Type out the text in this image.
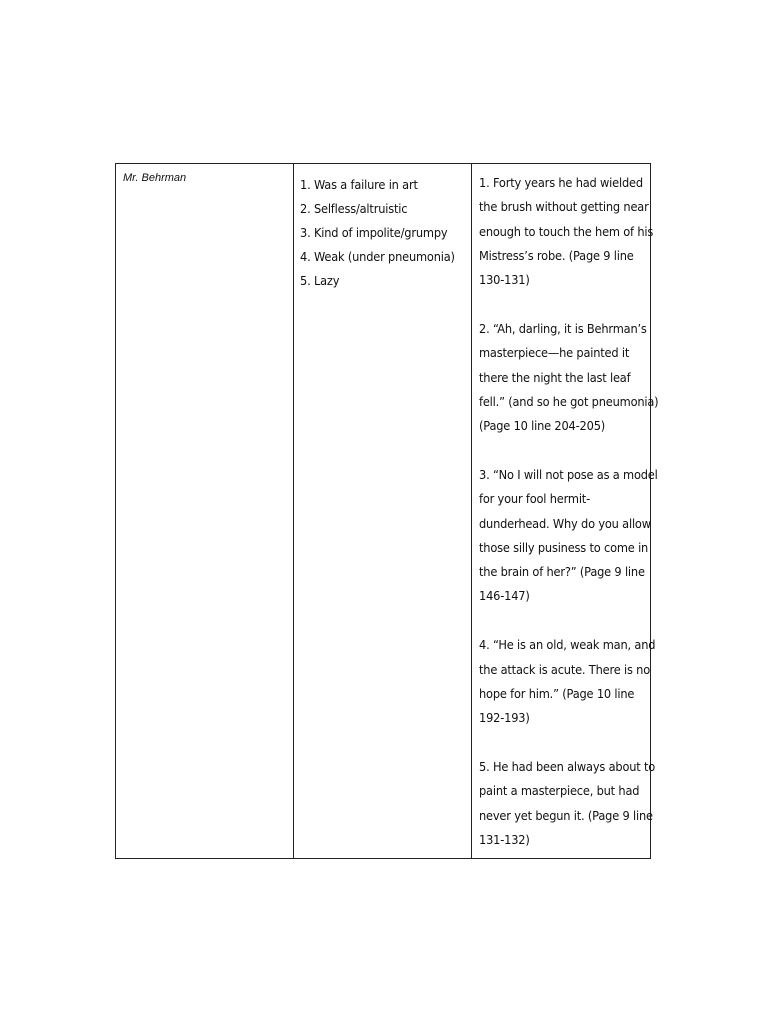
Mr. Behrman	1. Was a failure in art
2. Selfless/altruistic
3. Kind of impolite/grumpy
4. Weak (under pneumonia)
5. Lazy
1. Forty years he had wielded the brush without getting near enough to touch the hem of his Mistress’s robe. (Page 9 line 130-131)
2. “Ah, darling, it is Behrman’s masterpiece—he painted it there the night the last leaf fell.” (and so he got pneumonia) (Page 10 line 204-205)
3. “No I will not pose as a model for your fool hermit-dunderhead. Why do you allow those silly pusiness to come in the brain of her?” (Page 9 line 146-147)
4. “He is an old, weak man, and the attack is acute. There is no hope for him.” (Page 10 line 192-193)
5. He had been always about to paint a masterpiece, but had never yet begun it. (Page 9 line 131-132)
